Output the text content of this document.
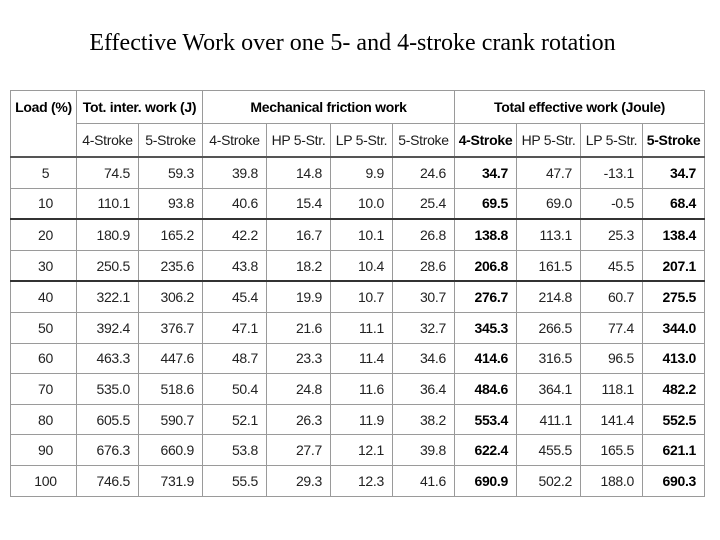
Effective Work over one 5- and 4-stroke crank rotation
Load (%)	Tot. inter. work (J)		Mechanical friction work				Total effective work (Joule)			
	4-Stroke	5-Stroke	4-Stroke	HP 5-Str.	LP 5-Str.	5-Stroke	4-Stroke	HP 5-Str.	LP 5-Str.	5-Stroke
5	74.5	59.3	39.8	14.8	9.9	24.6	34.7	47.7	-13.1	34.7
10	110.1	93.8	40.6	15.4	10.0	25.4	69.5	69.0	-0.5	68.4
20	180.9	165.2	42.2	16.7	10.1	26.8	138.8	113.1	25.3	138.4
30	250.5	235.6	43.8	18.2	10.4	28.6	206.8	161.5	45.5	207.1
40	322.1	306.2	45.4	19.9	10.7	30.7	276.7	214.8	60.7	275.5
50	392.4	376.7	47.1	21.6	11.1	32.7	345.3	266.5	77.4	344.0
60	463.3	447.6	48.7	23.3	11.4	34.6	414.6	316.5	96.5	413.0
70	535.0	518.6	50.4	24.8	11.6	36.4	484.6	364.1	118.1	482.2
80	605.5	590.7	52.1	26.3	11.9	38.2	553.4	411.1	141.4	552.5
90	676.3	660.9	53.8	27.7	12.1	39.8	622.4	455.5	165.5	621.1
100	746.5	731.9	55.5	29.3	12.3	41.6	690.9	502.2	188.0	690.3
